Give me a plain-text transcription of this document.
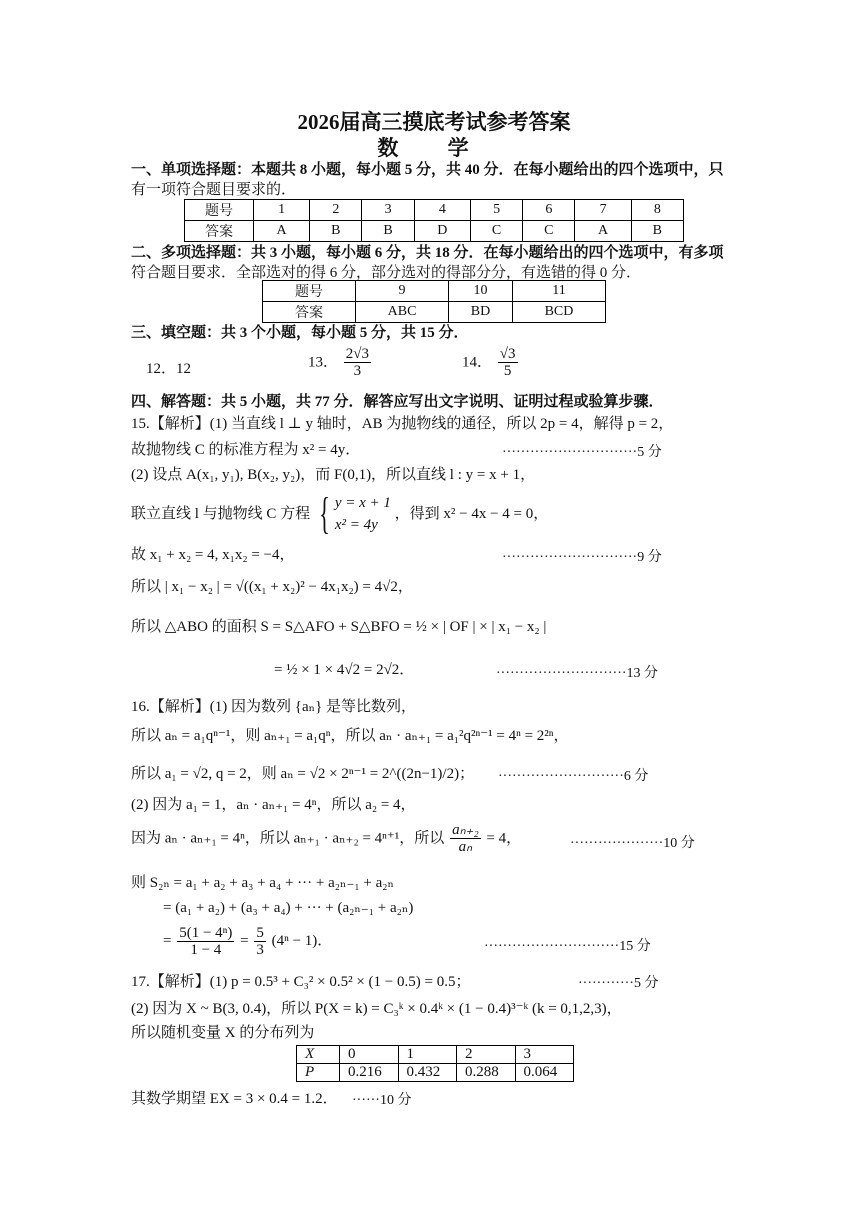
2026届高三摸底考试参考答案
数 学
一、单项选择题：本题共 8 小题，每小题 5 分，共 40 分．在每小题给出的四个选项中，只
有一项符合题目要求的．
题号	1	2	3	4	5	6	7	8
答案	A	B	B	D	C	C	A	B
二、多项选择题：共 3 小题，每小题 6 分，共 18 分．在每小题给出的四个选项中，有多项
符合题目要求．全部选对的得 6 分，部分选对的得部分分，有选错的得 0 分．
题号	9	10	11
答案	ABC	BD	BCD
三、填空题：共 3 个小题，每小题 5 分，共 15 分．
12．12	13． $\frac{2√3}{3}$	14． $\frac{√3}{5}$
四、解答题：共 5 小题，共 77 分．解答应写出文字说明、证明过程或验算步骤．
15.【解析】(1) 当直线 l ⊥ y 轴时，AB 为抛物线的通径，所以 2p = 4，解得 p = 2，
故抛物线 C 的标准方程为 x² = 4y．	·····························5 分
(2) 设点 A(x₁, y₁), B(x₂, y₂)，而 F(0,1)，所以直线 l : y = x + 1，
联立直线 l 与抛物线 C 方程 { y = x + 1
x² = 4y
，得到 x² − 4x − 4 = 0，
故 x₁ + x₂ = 4, x₁x₂ = −4，	·····························9 分
所以 | x₁ − x₂ | = √((x₁ + x₂)² − 4x₁x₂) = 4√2，
所以 △ABO 的面积 S = S△AFO + S△BFO = ½ × | OF | × | x₁ − x₂ |
= ½ × 1 × 4√2 = 2√2．	····························13 分
16.【解析】(1) 因为数列 {aₙ} 是等比数列，
所以 aₙ = a₁qⁿ⁻¹，则 aₙ₊₁ = a₁qⁿ，所以 aₙ · aₙ₊₁ = a₁²q²ⁿ⁻¹ = 4ⁿ = 2²ⁿ，
所以 a₁ = √2, q = 2，则 aₙ = √2 × 2ⁿ⁻¹ = 2^((2n−1)/2)； ···························6 分
(2) 因为 a₁ = 1，aₙ · aₙ₊₁ = 4ⁿ，所以 a₂ = 4，
因为 aₙ · aₙ₊₁ = 4ⁿ，所以 aₙ₊₁ · aₙ₊₂ = 4ⁿ⁺¹，所以 $\frac{\text{aₙ₊₂}}{\text{aₙ}} = 4$，	····················10 分
则 S₂ₙ = a₁ + a₂ + a₃ + a₄ + ··· + a₂ₙ₋₁ + a₂ₙ
= (a₁ + a₂) + (a₃ + a₄) + ··· + (a₂ₙ₋₁ + a₂ₙ)
= $\frac{\text{5(1 − 4ⁿ)}}{1 - 4} = \frac{5}{3} (4^n - 1)$．	·····························15 分
17.【解析】(1) p = 0.5³ + C₃² × 0.5² × (1 − 0.5) = 0.5；	············5 分
(2) 因为 X ~ B(3, 0.4)，所以 P(X = k) = C₃ᵏ × 0.4ᵏ × (1 − 0.4)³⁻ᵏ (k = 0,1,2,3)，
所以随机变量 X 的分布列为
X	0	1	2	3
P	0.216	0.432	0.288	0.064
其数学期望 EX = 3 × 0.4 = 1.2． ······10 分
